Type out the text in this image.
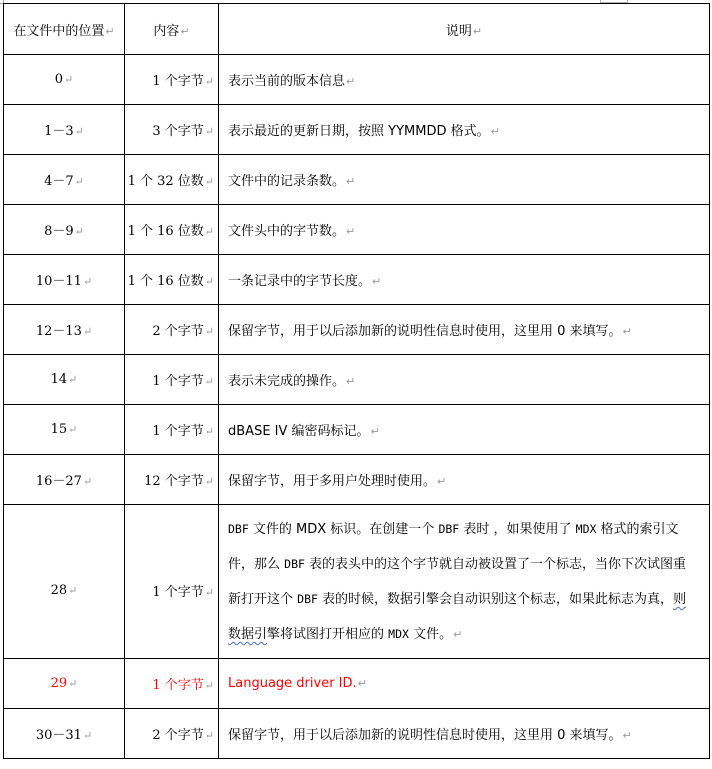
在文件中的位置↵	内容↵	说明↵
0↵	1 个字节↵	表示当前的版本信息↵
1－3↵	3 个字节↵	表示最近的更新日期，按照 YYMMDD 格式。↵
4－7↵	1 个 32 位数↵	文件中的记录条数。↵
8－9↵	1 个 16 位数↵	文件头中的字节数。↵
10－11↵	1 个 16 位数↵	一条记录中的字节长度。↵
12－13↵	2 个字节↵	保留字节，用于以后添加新的说明性信息时使用，这里用 0 来填写。↵
14↵	1 个字节↵	表示未完成的操作。↵
15↵	1 个字节↵	dBASE IV 编密码标记。↵
16－27↵	12 个字节↵	保留字节，用于多用户处理时使用。↵
28↵	1 个字节↵	DBF 文件的 MDX 标识。在创建一个 DBF 表时 ，如果使用了 MDX 格式的索引文件，那么 DBF 表的表头中的这个字节就自动被设置了一个标志，当你下次试图重新打开这个 DBF 表的时候，数据引擎会自动识别这个标志，如果此标志为真，则数据引擎将试图打开相应的 MDX 文件。↵
29↵	1 个字节↵	Language driver ID.↵
30－31↵	2 个字节↵	保留字节，用于以后添加新的说明性信息时使用，这里用 0 来填写。↵
